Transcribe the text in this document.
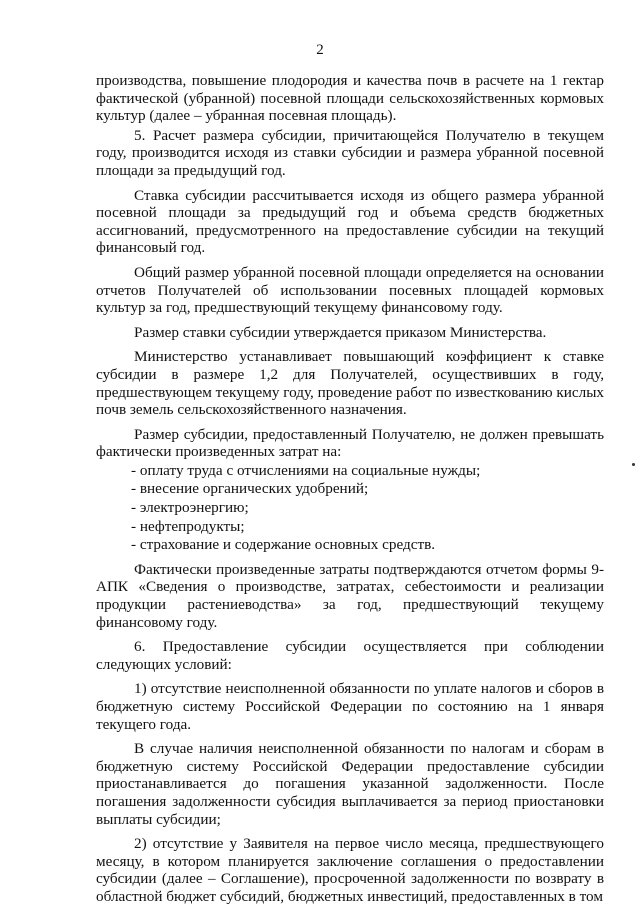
2

производства, повышение плодородия и качества почв в расчете на 1 гектар фактической (убранной) посевной площади сельскохозяйственных кормовых культур (далее – убранная посевная площадь).

5. Расчет размера субсидии, причитающейся Получателю в текущем году, производится исходя из ставки субсидии и размера убранной посевной площади за предыдущий год.

Ставка субсидии рассчитывается исходя из общего размера убранной посевной площади за предыдущий год и объема средств бюджетных ассигнований, предусмотренного на предоставление субсидии на текущий финансовый год.

Общий размер убранной посевной площади определяется на основании отчетов Получателей об использовании посевных площадей кормовых культур за год, предшествующий текущему финансовому году.

Размер ставки субсидии утверждается приказом Министерства.

Министерство устанавливает повышающий коэффициент к ставке субсидии в размере 1,2 для Получателей, осуществивших в году, предшествующем текущему году, проведение работ по известкованию кислых почв земель сельскохозяйственного назначения.

Размер субсидии, предоставленный Получателю, не должен превышать фактически произведенных затрат на:

- оплату труда с отчислениями на социальные нужды;

- внесение органических удобрений;

- электроэнергию;

- нефтепродукты;

- страхование и содержание основных средств.

Фактически произведенные затраты подтверждаются отчетом формы 9-АПК «Сведения о производстве, затратах, себестоимости и реализации продукции растениеводства» за год, предшествующий текущему финансовому году.

6. Предоставление субсидии осуществляется при соблюдении следующих условий:

1) отсутствие неисполненной обязанности по уплате налогов и сборов в бюджетную систему Российской Федерации по состоянию на 1 января текущего года.

В случае наличия неисполненной обязанности по налогам и сборам в бюджетную систему Российской Федерации предоставление субсидии приостанавливается до погашения указанной задолженности. После погашения задолженности субсидия выплачивается за период приостановки выплаты субсидии;

2) отсутствие у Заявителя на первое число месяца, предшествующего месяцу, в котором планируется заключение соглашения о предоставлении субсидии (далее – Соглашение), просроченной задолженности по возврату в областной бюджет субсидий, бюджетных инвестиций, предоставленных в том
